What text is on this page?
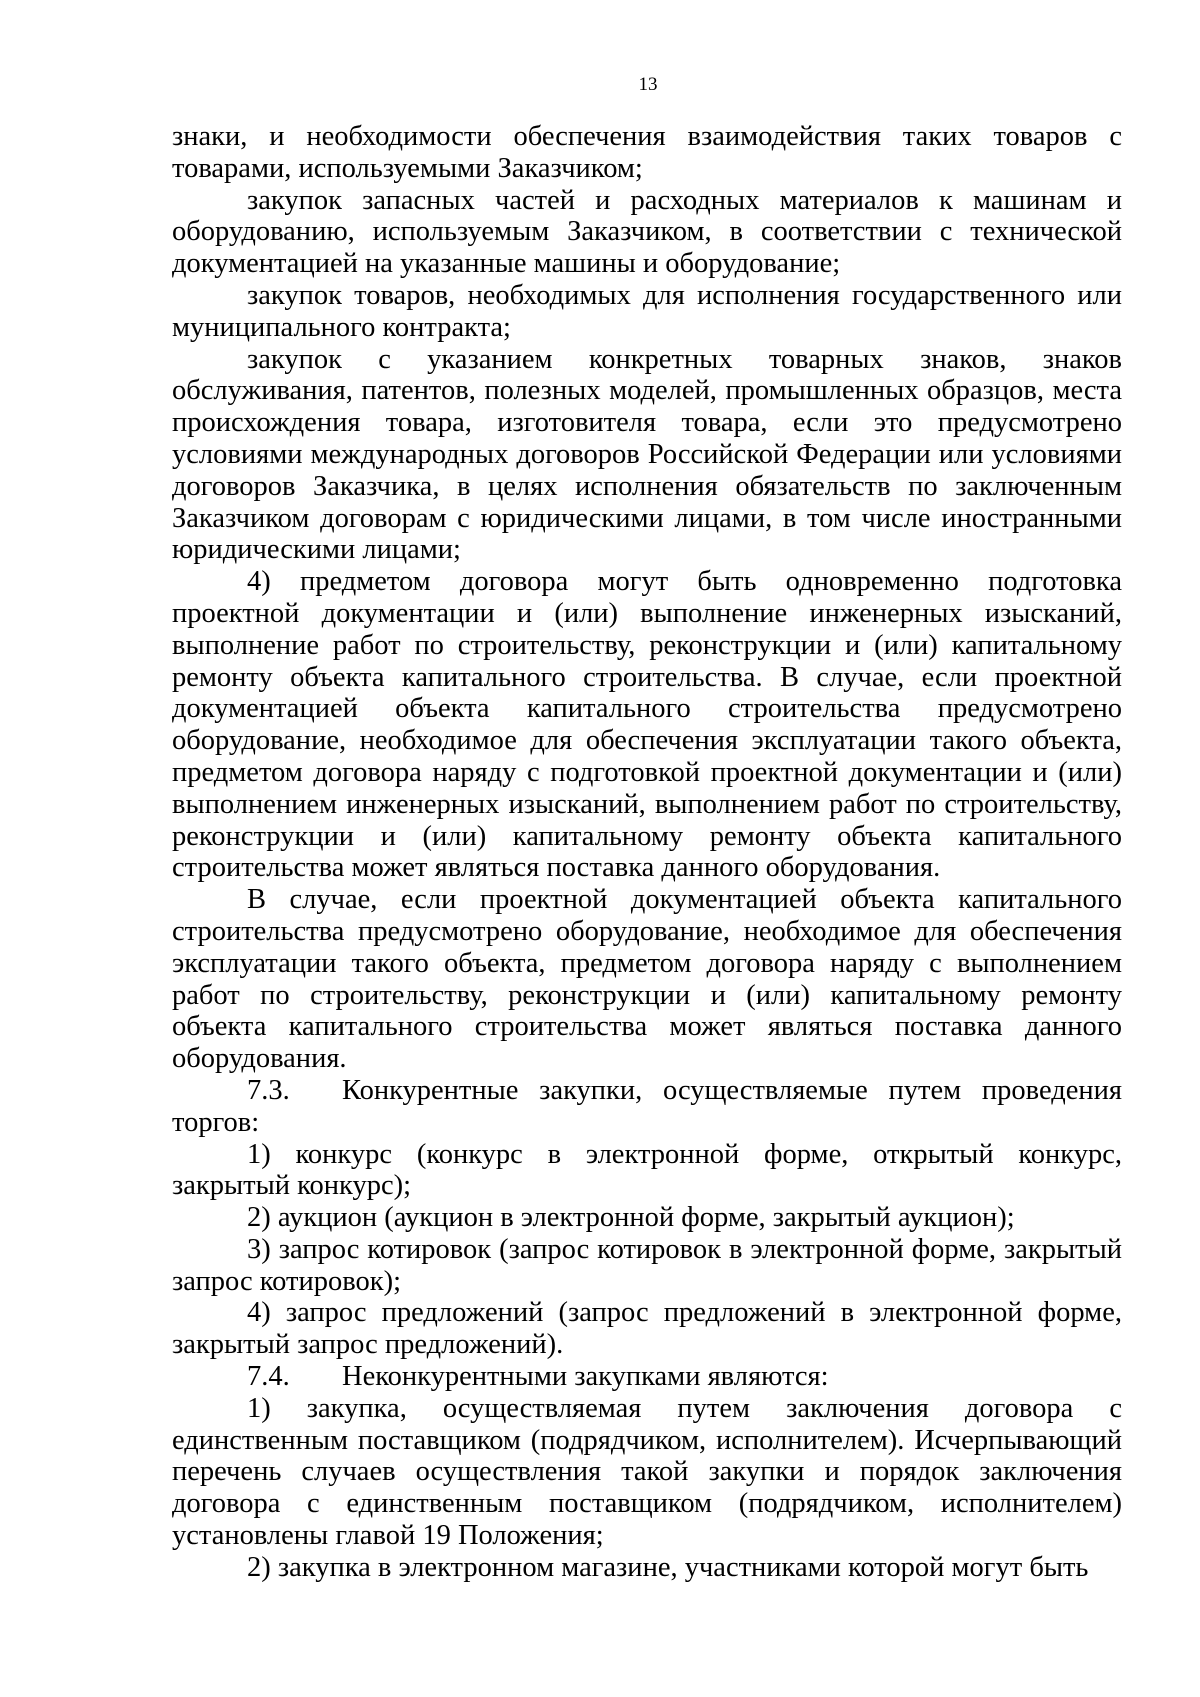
13

знаки, и необходимости обеспечения взаимодействия таких товаров с товарами, используемыми Заказчиком;

закупок запасных частей и расходных материалов к машинам и оборудованию, используемым Заказчиком, в соответствии с технической документацией на указанные машины и оборудование;

закупок товаров, необходимых для исполнения государственного или муниципального контракта;

закупок с указанием конкретных товарных знаков, знаков обслуживания, патентов, полезных моделей, промышленных образцов, места происхождения товара, изготовителя товара, если это предусмотрено условиями международных договоров Российской Федерации или условиями договоров Заказчика, в целях исполнения обязательств по заключенным Заказчиком договорам с юридическими лицами, в том числе иностранными юридическими лицами;

4) предметом договора могут быть одновременно подготовка проектной документации и (или) выполнение инженерных изысканий, выполнение работ по строительству, реконструкции и (или) капитальному ремонту объекта капитального строительства. В случае, если проектной документацией объекта капитального строительства предусмотрено оборудование, необходимое для обеспечения эксплуатации такого объекта, предметом договора наряду с подготовкой проектной документации и (или) выполнением инженерных изысканий, выполнением работ по строительству, реконструкции и (или) капитальному ремонту объекта капитального строительства может являться поставка данного оборудования.

В случае, если проектной документацией объекта капитального строительства предусмотрено оборудование, необходимое для обеспечения эксплуатации такого объекта, предметом договора наряду с выполнением работ по строительству, реконструкции и (или) капитальному ремонту объекта капитального строительства может являться поставка данного оборудования.

7.3. Конкурентные закупки, осуществляемые путем проведения торгов:

1) конкурс (конкурс в электронной форме, открытый конкурс, закрытый конкурс);

2) аукцион (аукцион в электронной форме, закрытый аукцион);

3) запрос котировок (запрос котировок в электронной форме, закрытый запрос котировок);

4) запрос предложений (запрос предложений в электронной форме, закрытый запрос предложений).

7.4. Неконкурентными закупками являются:

1) закупка, осуществляемая путем заключения договора с единственным поставщиком (подрядчиком, исполнителем). Исчерпывающий перечень случаев осуществления такой закупки и порядок заключения договора с единственным поставщиком (подрядчиком, исполнителем) установлены главой 19 Положения;

2) закупка в электронном магазине, участниками которой могут быть
